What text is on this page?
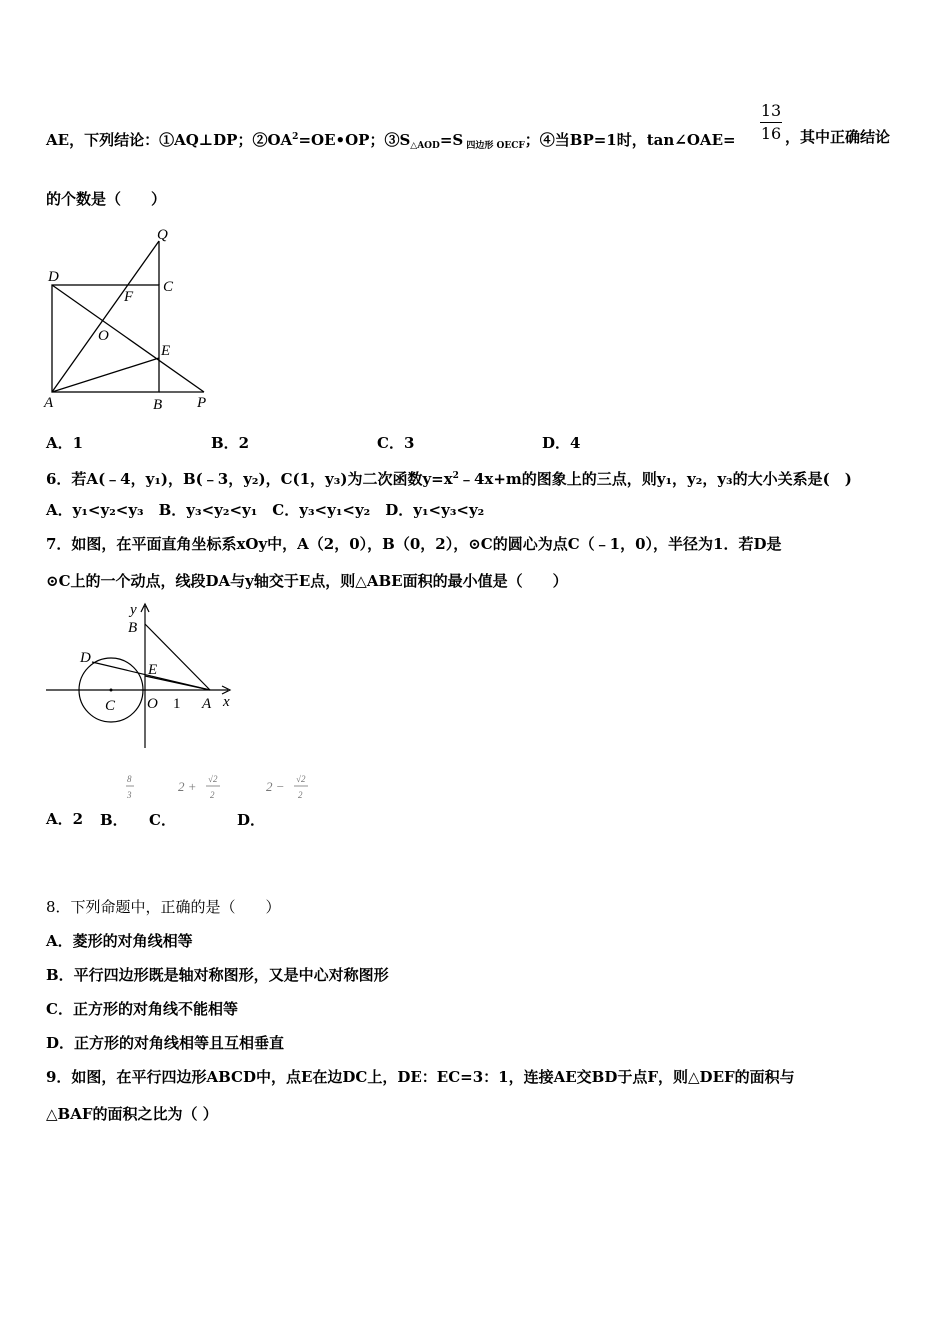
AE，下列结论：①AQ⊥DP；$②OA^2=OE•OP$；$③S_{\triangle AOD}=S$ $_{四边形 OECF}$；④当BP=1时，tan∠OAE=
13
16 ，其中正确结论
的个数是（　　）
Q
D
C
F
O
E
A	B P
A．1	B．2	C．3	D．4
6．若A(﹣4，y₁)，B(﹣3，y₂)，C(1，y₃)为二次函数$y=x^2﹣4x+m$的图象上的三点，则y₁，y₂，y₃的大小关系是(　)
A．y₁<y₂<y₃　B．y₃<y₂<y₁　C．y₃<y₁<y₂　D．y₁<y₃<y₂
7．如图，在平面直角坐标系xOy中，A（2，0），B（0，2），⊙C的圆心为点C（﹣1，0），半径为1．若D是
⊙C上的一个动点，线段DA与y轴交于E点，则△ABE面积的最小值是（　　）
y
B
D
E
C O 1 A x
8
3
2 + √2
2
2 − √2
2
A．2 B． C．	D．
8．下列命题中，正确的是（　　）
A．菱形的对角线相等
B．平行四边形既是轴对称图形，又是中心对称图形
C．正方形的对角线不能相等
D．正方形的对角线相等且互相垂直
9．如图，在平行四边形ABCD中，点E在边DC上，DE：EC=3：1，连接AE交BD于点F，则△DEF的面积与
△BAF的面积之比为（ ）
